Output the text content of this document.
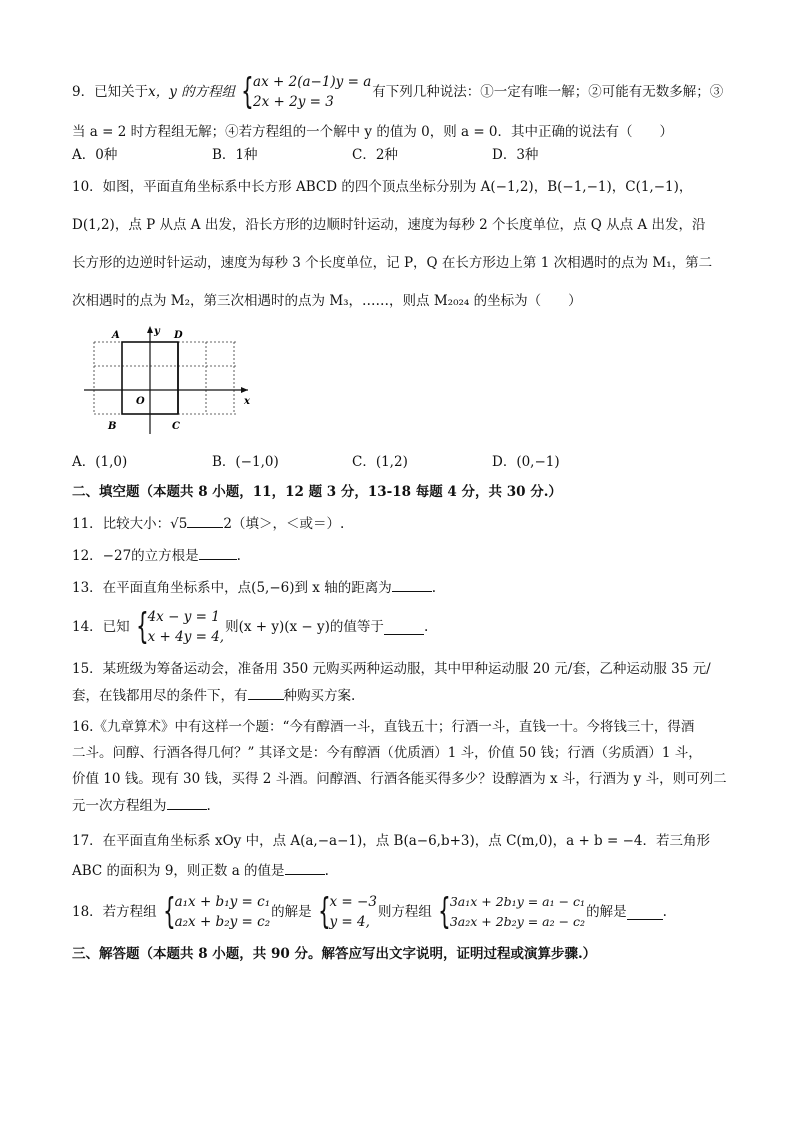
9．已知关于 x，y 的方程组 { ax + 2(a−1)y = a
2x + 2y = 3
有下列几种说法：①一定有唯一解；②可能有无数多解；③
当 a = 2 时方程组无解；④若方程组的一个解中 y 的值为 0，则 a = 0．其中正确的说法有（　　）
A．0种	B．1种	C．2种	D．3种
10．如图，平面直角坐标系中长方形 ABCD 的四个顶点坐标分别为 A(−1,2)，B(−1,−1)，C(1,−1)，
D(1,2)，点 P 从点 A 出发，沿长方形的边顺时针运动，速度为每秒 2 个长度单位，点 Q 从点 A 出发，沿
长方形的边逆时针运动，速度为每秒 3 个长度单位，记 P，Q 在长方形边上第 1 次相遇时的点为 M₁，第二
次相遇时的点为 M₂，第三次相遇时的点为 M₃，……，则点 M₂₀₂₄ 的坐标为（　　）
A	D
B	C
O	x
y
A．(1,0)	B．(−1,0)	C．(1,2)	D．(0,−1)
二、填空题（本题共 8 小题，11，12 题 3 分，13-18 每题 4 分，共 30 分.）
11．比较大小：√5	2（填＞，＜或＝）.
12．−27的立方根是	.
13．在平面直角坐标系中，点(5,−6)到 x 轴的距离为	.
14．已知 { 4x − y = 1
x + 4y = 4,
则(x + y)(x − y)的值等于	.
15．某班级为筹备运动会，准备用 350 元购买两种运动服，其中甲种运动服 20 元/套，乙种运动服 35 元/
套，在钱都用尽的条件下，有	种购买方案.
16.《九章算术》中有这样一个题：“今有醇酒一斗，直钱五十；行酒一斗，直钱一十。今将钱三十，得酒
二斗。问醇、行酒各得几何？” 其译文是：今有醇酒（优质酒）1 斗，价值 50 钱；行酒（劣质酒）1 斗，
价值 10 钱。现有 30 钱，买得 2 斗酒。问醇酒、行酒各能买得多少？设醇酒为 x 斗，行酒为 y 斗，则可列二
元一次方程组为	.
17．在平面直角坐标系 xOy 中，点 A(a,−a−1)，点 B(a−6,b+3)，点 C(m,0)，a + b = −4．若三角形
ABC 的面积为 9，则正数 a 的值是	.
18．若方程组 { a₁x + b₁y = c₁
a₂x + b₂y = c₂
的解是 { x = −3
y = 4,
则方程组 { 3a₁x + 2b₁y = a₁ − c₁
3a₂x + 2b₂y = a₂ − c₂
的解是	.
三、解答题（本题共 8 小题，共 90 分。解答应写出文字说明，证明过程或演算步骤.）
